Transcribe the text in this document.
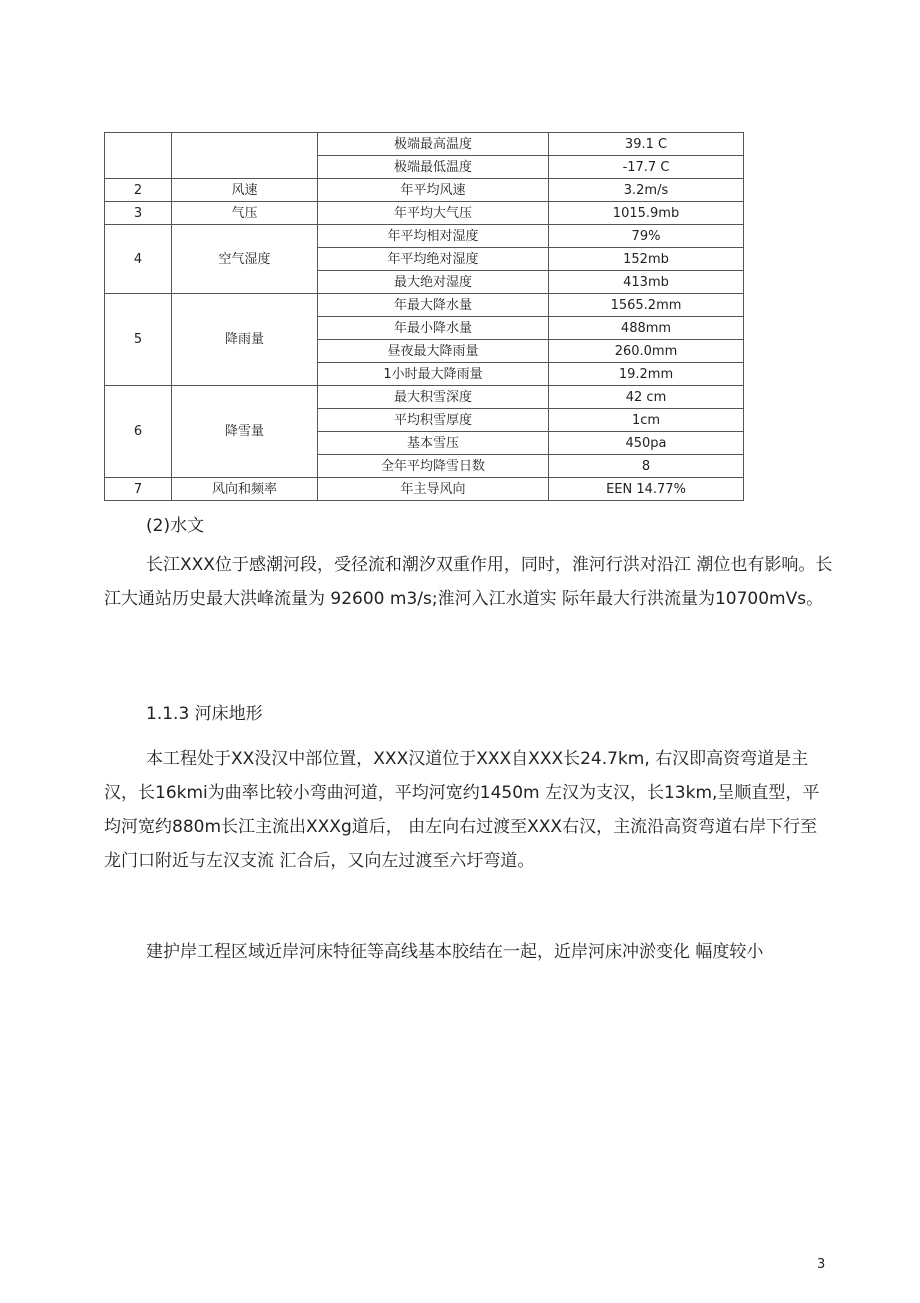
		极端最高温度	39.1 C
		极端最低温度	-17.7 C
2	风速	年平均风速	3.2m/s
3	气压	年平均大气压	1015.9mb
4	空气湿度	年平均相对湿度	79%
		年平均绝对湿度	152mb
		最大绝对湿度	413mb
5	降雨量	年最大降水量	1565.2mm
		年最小降水量	488mm
		昼夜最大降雨量	260.0mm
		1小时最大降雨量	19.2mm
6	降雪量	最大积雪深度	42 cm
		平均积雪厚度	1cm
		基本雪压	450pa
		全年平均降雪日数	8
7	风向和频率	年主导风向	EEN 14.77%
(2)水文
长江XXX位于感潮河段，受径流和潮汐双重作用，同时，淮河行洪对沿江 潮位也有影响。长江大通站历史最大洪峰流量为 92600 m3/s;淮河入江水道实 际年最大行洪流量为10700mVs。
1.1.3 河床地形
本工程处于XX没汉中部位置，XXX汉道位于XXX自XXX长24.7km, 右汉即高资弯道是主汉，长16kmi为曲率比较小弯曲河道，平均河宽约1450m 左汉为支汉，长13km,呈顺直型，平均河宽约880m长江主流出XXXg道后， 由左向右过渡至XXX右汉，主流沿高资弯道右岸下行至龙门口附近与左汉支流 汇合后，又向左过渡至六圩弯道。
建护岸工程区域近岸河床特征等高线基本胶结在一起，近岸河床冲淤变化 幅度较小
3
